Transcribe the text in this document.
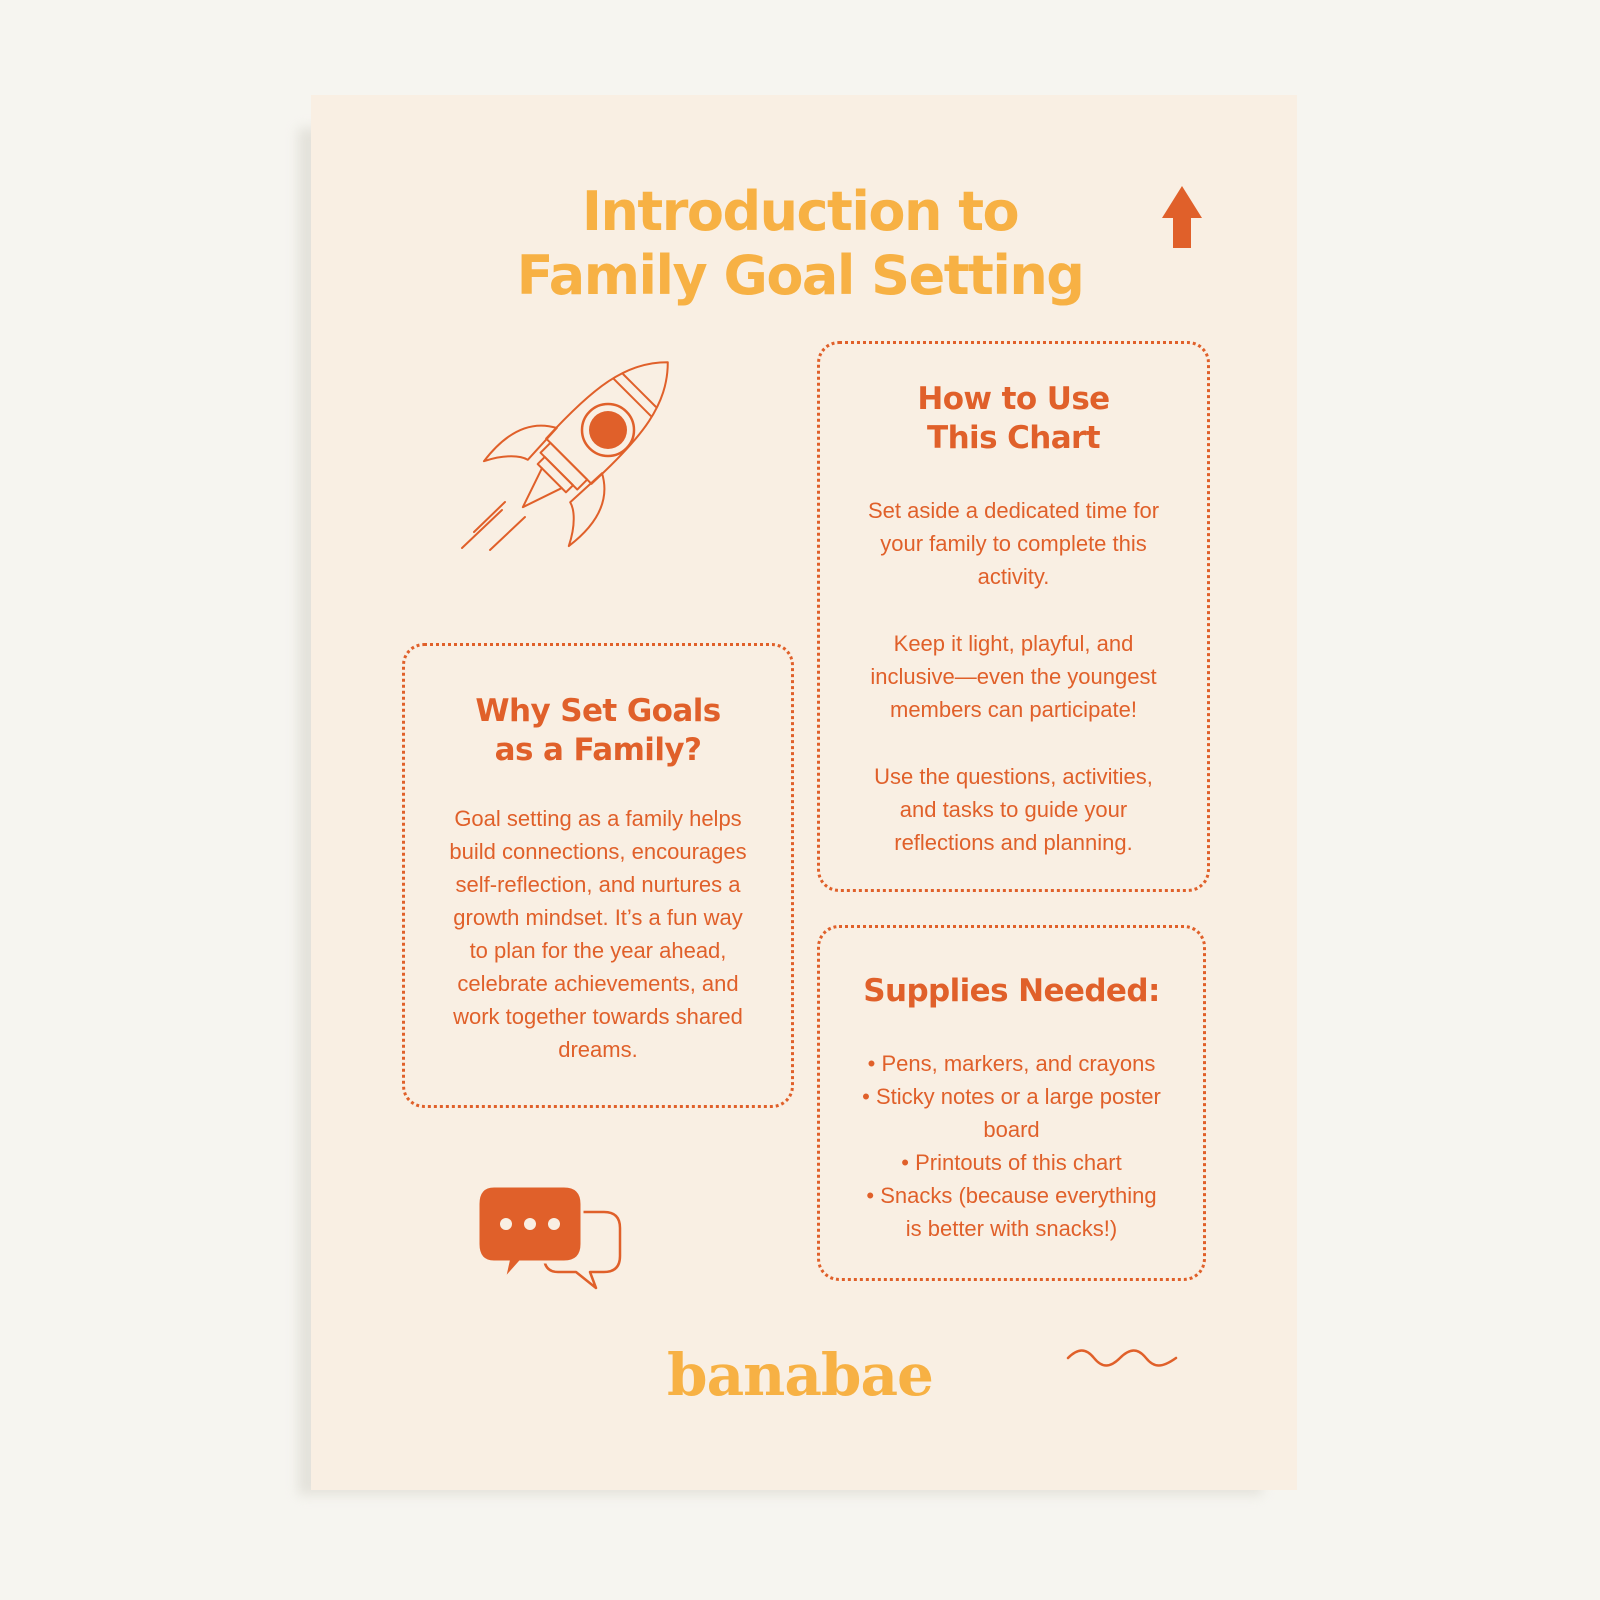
Introduction to
Family Goal Setting
Why Set Goals
as a Family?

Goal setting as a family helps build connections, encourages self-reflection, and nurtures a growth mindset. It’s a fun way to plan for the year ahead, celebrate achievements, and work together towards shared dreams.

How to Use
This Chart

Set aside a dedicated time for your family to complete this activity.

Keep it light, playful, and inclusive—even the youngest members can participate!

Use the questions, activities, and tasks to guide your reflections and planning.

Supplies Needed:
• Pens, markers, and crayons
• Sticky notes or a large poster board
• Printouts of this chart
• Snacks (because everything is better with snacks!)
banabae
